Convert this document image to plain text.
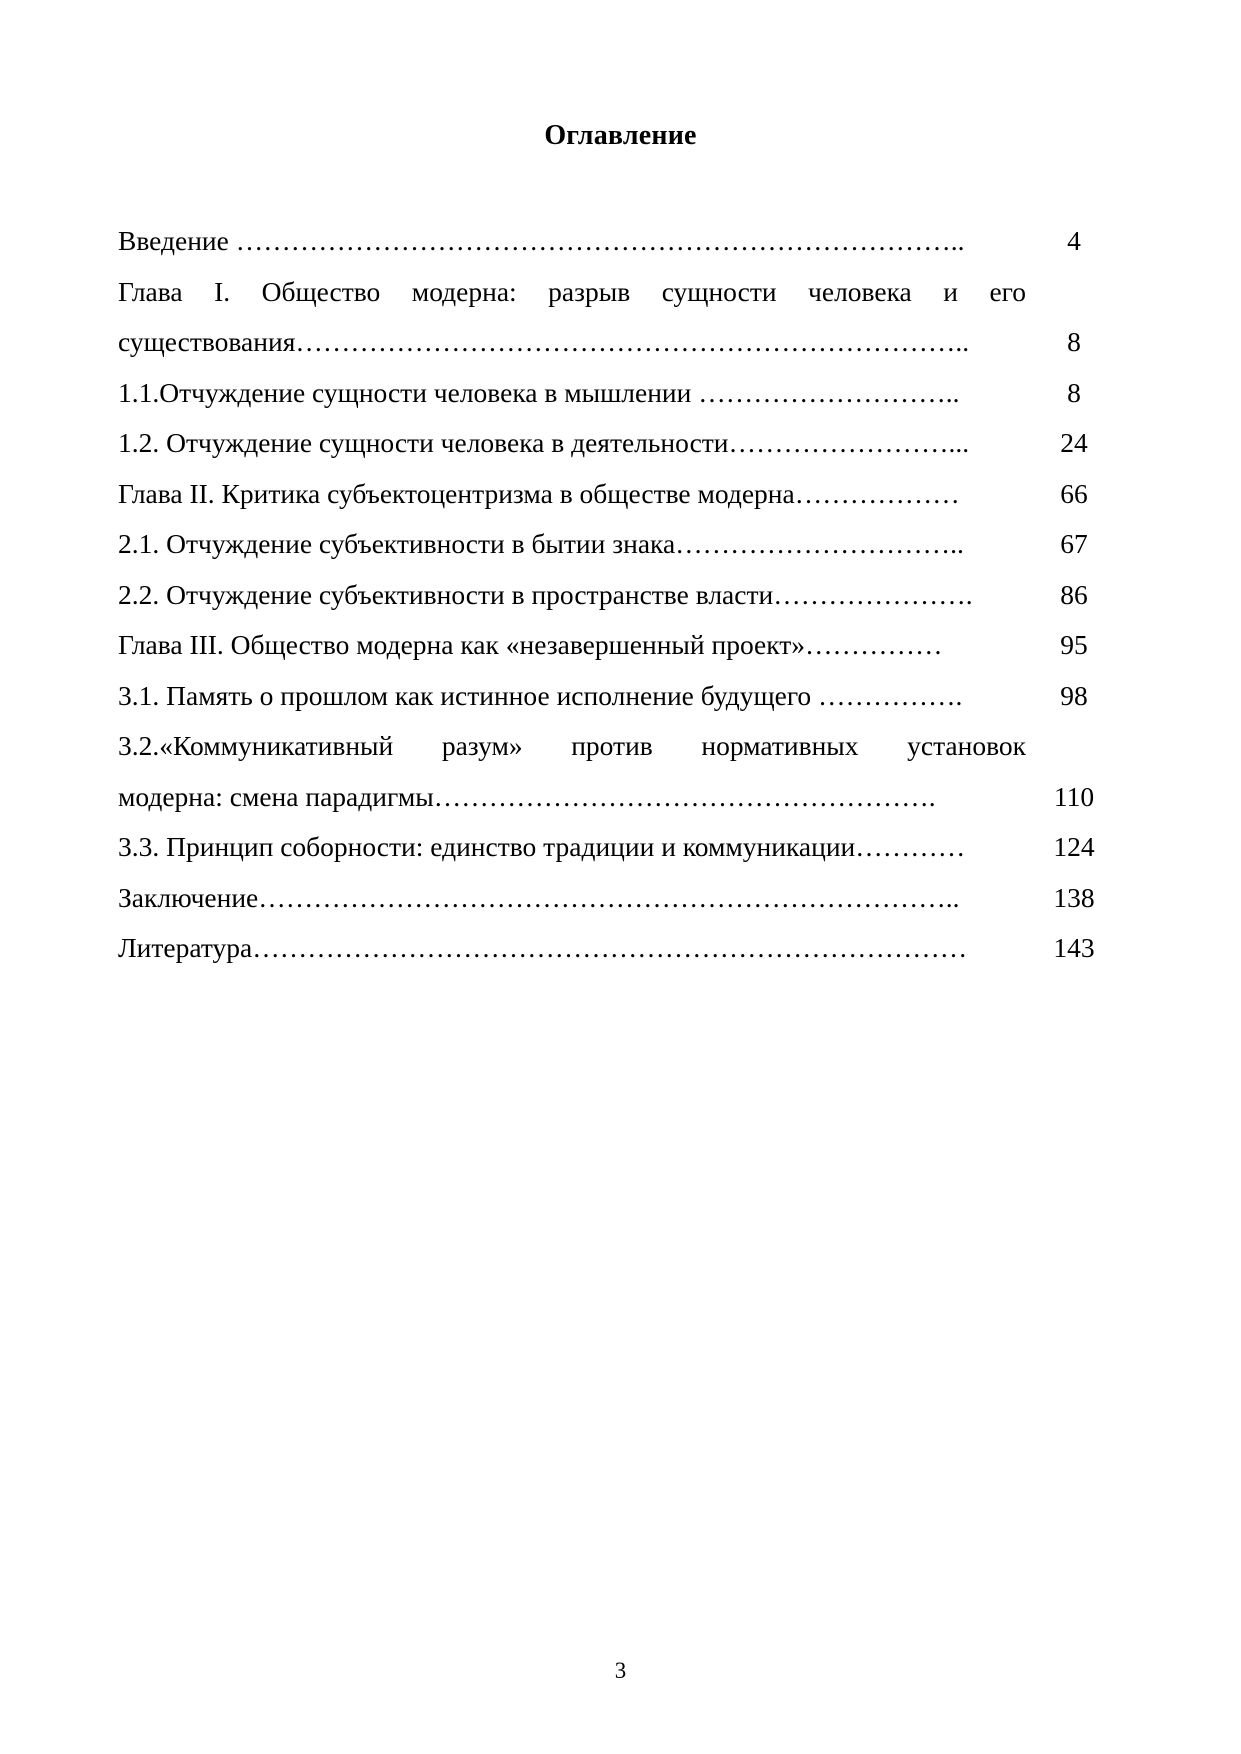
Оглавление
Введение ……………………………………………………………………..	4
Глава I. Общество модерна: разрыв сущности человека и его
существования………………………………………………………………..	8
1.1.Отчуждение сущности человека в мышлении ………………………..	8
1.2. Отчуждение сущности человека в деятельности……………………...	24
Глава II. Критика субъектоцентризма в обществе модерна………………	66
2.1. Отчуждение субъективности в бытии знака…………………………..	67
2.2. Отчуждение субъективности в пространстве власти………………….	86
Глава III. Общество модерна как «незавершенный проект»……………	95
3.1. Память о прошлом как истинное исполнение будущего …………….	98
3.2.«Коммуникативный разум» против нормативных установок
модерна: смена парадигмы……………………………………………….	110
3.3. Принцип соборности: единство традиции и коммуникации…………	124
Заключение…………………………………………………………………..	138
Литература……………………………………………………………………	143
3
